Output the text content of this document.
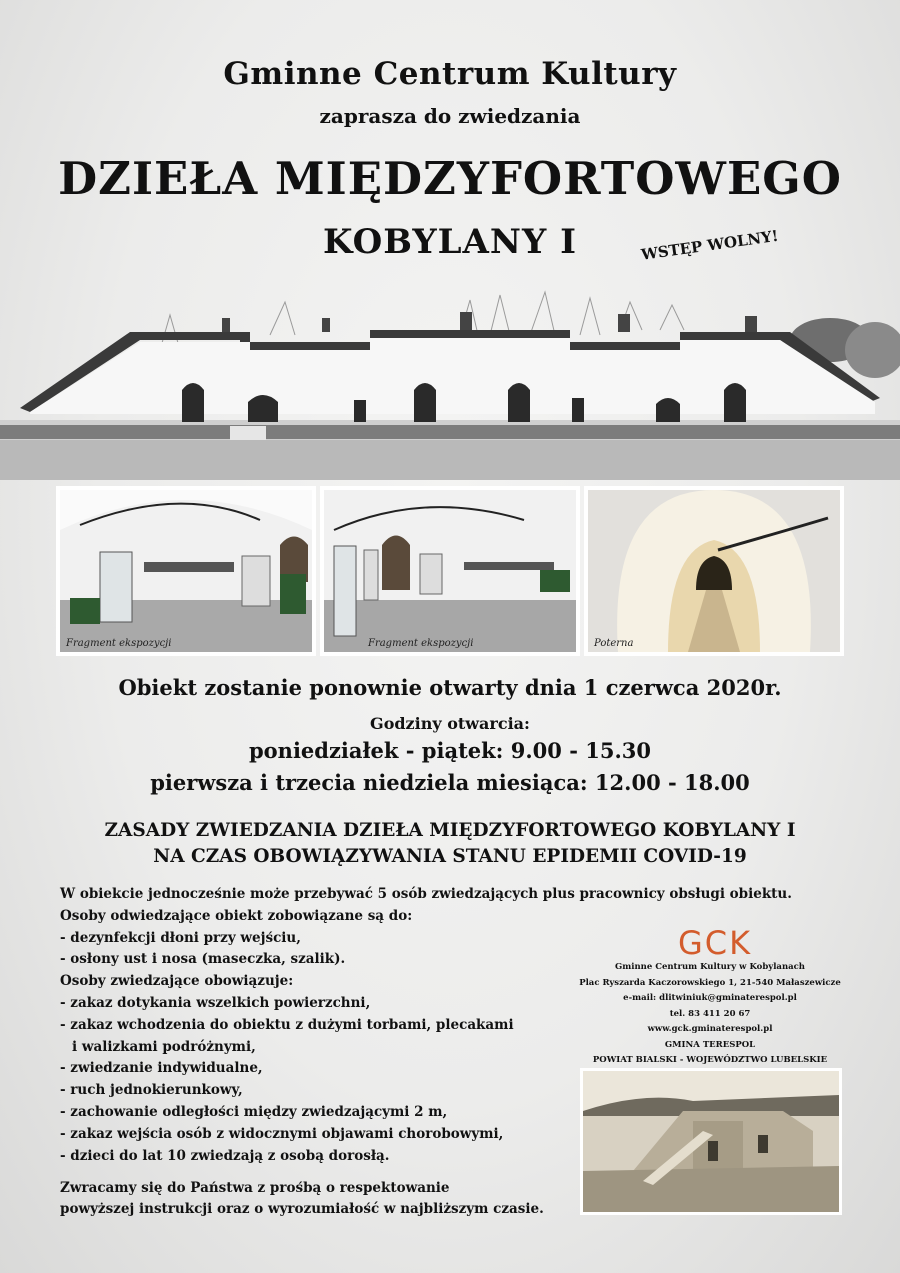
Gminne Centrum Kultury
zaprasza do zwiedzania
DZIEŁA MIĘDZYFORTOWEGO
KOBYLANY I	WSTĘP WOLNY!
Fragment ekspozycji	Fragment ekspozycji	Poterna
Obiekt zostanie ponownie otwarty dnia 1 czerwca 2020r.
Godziny otwarcia:
poniedziałek - piątek: 9.00 - 15.30
pierwsza i trzecia niedziela miesiąca: 12.00 - 18.00
ZASADY ZWIEDZANIA DZIEŁA MIĘDZYFORTOWEGO KOBYLANY I
NA CZAS OBOWIĄZYWANIA STANU EPIDEMII COVID-19
W obiekcie jednocześnie może przebywać 5 osób zwiedzających plus pracownicy obsługi obiektu.
Osoby odwiedzające obiekt zobowiązane są do:
- dezynfekcji dłoni przy wejściu,
- osłony ust i nosa (maseczka, szalik).
Osoby zwiedzające obowiązuje:
- zakaz dotykania wszelkich powierzchni,
- zakaz wchodzenia do obiektu z dużymi torbami, plecakami
i walizkami podróżnymi,
- zwiedzanie indywidualne,
- ruch jednokierunkowy,
- zachowanie odległości między zwiedzającymi 2 m,
- zakaz wejścia osób z widocznymi objawami chorobowymi,
- dzieci do lat 10 zwiedzają z osobą dorosłą.
Zwracamy się do Państwa z prośbą o respektowanie
powyższej instrukcji oraz o wyrozumiałość w najbliższym czasie.
GCK
Gminne Centrum Kultury w Kobylanach
Plac Ryszarda Kaczorowskiego 1, 21-540 Małaszewicze
e-mail: dlitwiniuk@gminaterespol.pl
tel. 83 411 20 67
www.gck.gminaterespol.pl
GMINA TERESPOL
POWIAT BIALSKI - WOJEWÓDZTWO LUBELSKIE
